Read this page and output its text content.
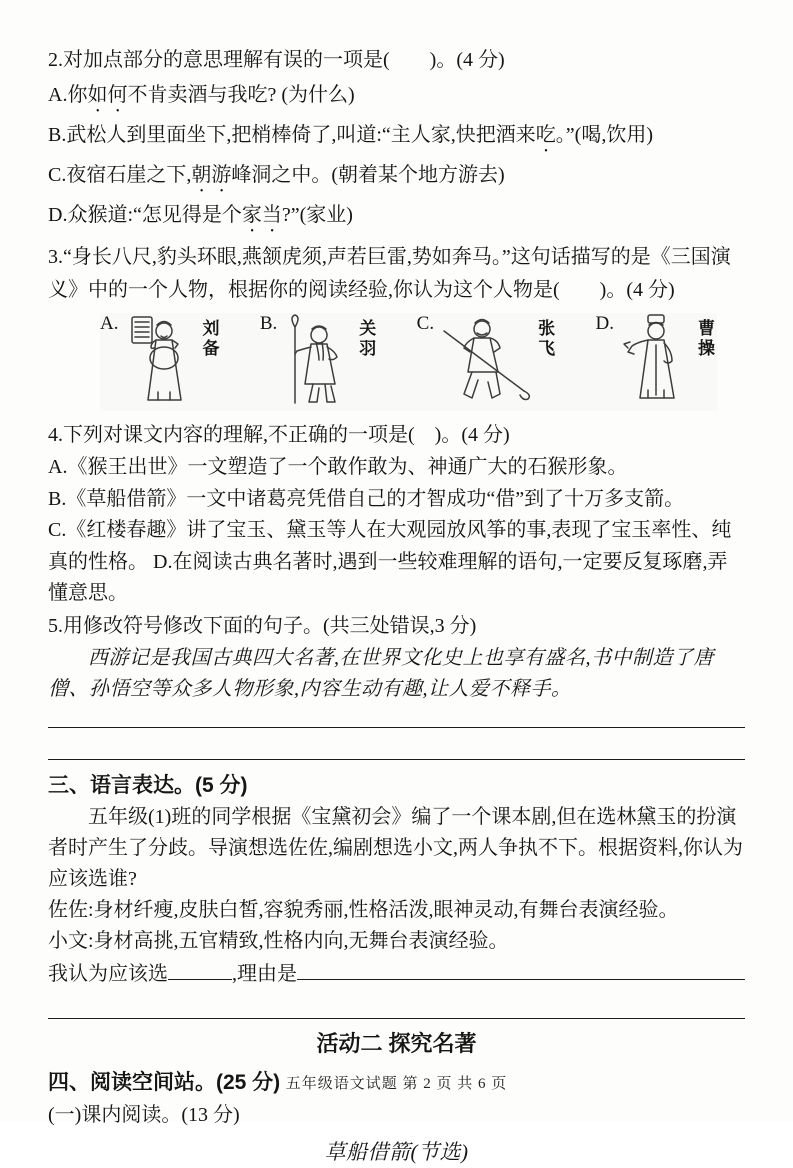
2.对加点部分的意思理解有误的一项是(　　)。(4 分)
A.你如何不肯卖酒与我吃? (为什么)
B.武松人到里面坐下,把梢棒倚了,叫道:“主人家,快把酒来吃。”(喝,饮用)
C.夜宿石崖之下,朝游峰洞之中。(朝着某个地方游去)
D.众猴道:“怎见得是个家当?”(家业)
3.“身长八尺,豹头环眼,燕颔虎须,声若巨雷,势如奔马。”这句话描写的是《三国演义》中的一个人物，根据你的阅读经验,你认为这个人物是(　　)。(4 分)
A.	刘备 B.	关羽 C.	张飞 D.	曹操
4.下列对课文内容的理解,不正确的一项是(　)。(4 分)
A.《猴王出世》一文塑造了一个敢作敢为、神通广大的石猴形象。
B.《草船借箭》一文中诸葛亮凭借自己的才智成功“借”到了十万多支箭。
C.《红楼春趣》讲了宝玉、黛玉等人在大观园放风筝的事,表现了宝玉率性、纯真的性格。 D.在阅读古典名著时,遇到一些较难理解的语句,一定要反复琢磨,弄懂意思。
5.用修改符号修改下面的句子。(共三处错误,3 分)
西游记是我国古典四大名著,在世界文化史上也享有盛名,书中制造了唐僧、孙悟空等众多人物形象,内容生动有趣,让人爱不释手。
三、语言表达。(5 分)
五年级(1)班的同学根据《宝黛初会》编了一个课本剧,但在选林黛玉的扮演者时产生了分歧。导演想选佐佐,编剧想选小文,两人争执不下。根据资料,你认为应该选谁?
佐佐:身材纤瘦,皮肤白皙,容貌秀丽,性格活泼,眼神灵动,有舞台表演经验。
小文:身材高挑,五官精致,性格内向,无舞台表演经验。
我认为应该选	,理由是
活动二 探究名著
四、阅读空间站。(25 分)
(一)课内阅读。(13 分)
草船借箭(节选)
五年级语文试题 第 2 页 共 6 页
